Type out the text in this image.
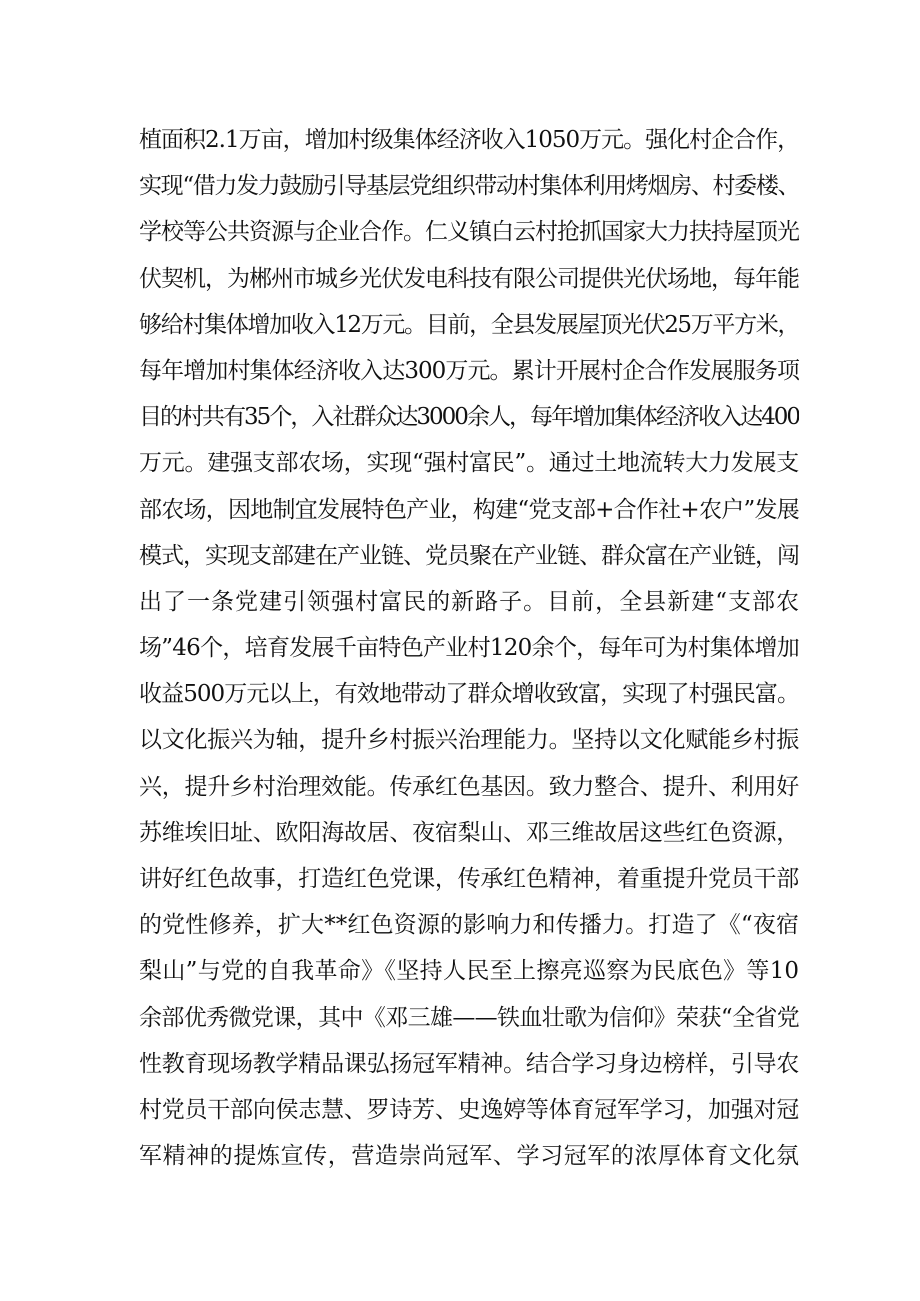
植面积2.1万亩，增加村级集体经济收入1050万元。强化村企合作，
实现“借力发力鼓励引导基层党组织带动村集体利用烤烟房、村委楼、
学校等公共资源与企业合作。仁义镇白云村抢抓国家大力扶持屋顶光
伏契机，为郴州市城乡光伏发电科技有限公司提供光伏场地，每年能
够给村集体增加收入12万元。目前，全县发展屋顶光伏25万平方米，
每年增加村集体经济收入达300万元。累计开展村企合作发展服务项
目的村共有35个，入社群众达3000余人，每年增加集体经济收入达400
万元。建强支部农场，实现“强村富民”。通过土地流转大力发展支
部农场，因地制宜发展特色产业，构建“党支部+合作社+农户”发展
模式，实现支部建在产业链、党员聚在产业链、群众富在产业链，闯
出了一条党建引领强村富民的新路子。目前，全县新建“支部农
场”46个，培育发展千亩特色产业村120余个，每年可为村集体增加
收益500万元以上，有效地带动了群众增收致富，实现了村强民富。
以文化振兴为轴，提升乡村振兴治理能力。坚持以文化赋能乡村振
兴，提升乡村治理效能。传承红色基因。致力整合、提升、利用好
苏维埃旧址、欧阳海故居、夜宿梨山、邓三维故居这些红色资源，
讲好红色故事，打造红色党课，传承红色精神，着重提升党员干部
的党性修养，扩大**红色资源的影响力和传播力。打造了《“夜宿
梨山”与党的自我革命》《坚持人民至上擦亮巡察为民底色》等10
余部优秀微党课，其中《邓三雄——铁血壮歌为信仰》荣获“全省党
性教育现场教学精品课弘扬冠军精神。结合学习身边榜样，引导农
村党员干部向侯志慧、罗诗芳、史逸婷等体育冠军学习，加强对冠
军精神的提炼宣传，营造崇尚冠军、学习冠军的浓厚体育文化氛
